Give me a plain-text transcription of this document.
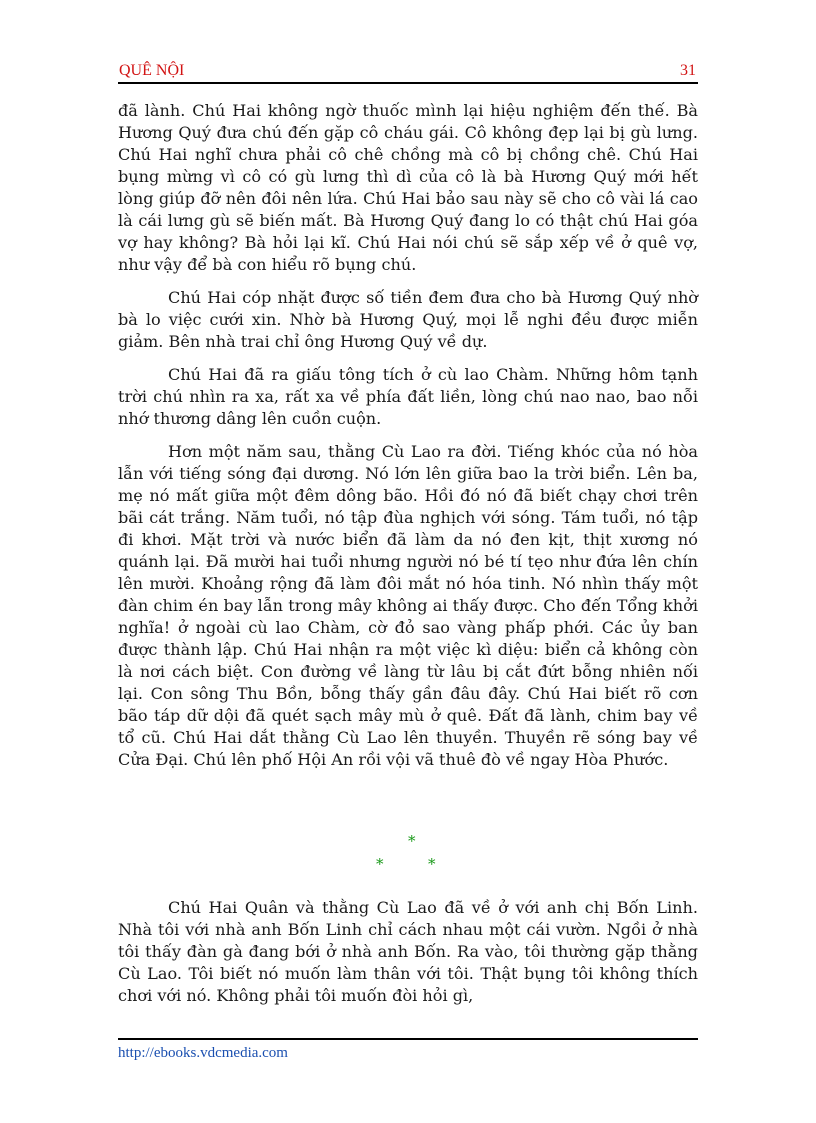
QUÊ NỘI	31

đã lành. Chú Hai không ngờ thuốc mình lại hiệu nghiệm đến thế. Bà Hương Quý đưa chú đến gặp cô cháu gái. Cô không đẹp lại bị gù lưng. Chú Hai nghĩ chưa phải cô chê chồng mà cô bị chồng chê. Chú Hai bụng mừng vì cô có gù lưng thì dì của cô là bà Hương Quý mới hết lòng giúp đỡ nên đôi nên lứa. Chú Hai bảo sau này sẽ cho cô vài lá cao là cái lưng gù sẽ biến mất. Bà Hương Quý đang lo có thật chú Hai góa vợ hay không? Bà hỏi lại kĩ. Chú Hai nói chú sẽ sắp xếp về ở quê vợ, như vậy để bà con hiểu rõ bụng chú.

Chú Hai cóp nhặt được số tiền đem đưa cho bà Hương Quý nhờ bà lo việc cưới xin. Nhờ bà Hương Quý, mọi lễ nghi đều được miễn giảm. Bên nhà trai chỉ ông Hương Quý về dự.

Chú Hai đã ra giấu tông tích ở cù lao Chàm. Những hôm tạnh trời chú nhìn ra xa, rất xa về phía đất liền, lòng chú nao nao, bao nỗi nhớ thương dâng lên cuồn cuộn.

Hơn một năm sau, thằng Cù Lao ra đời. Tiếng khóc của nó hòa lẫn với tiếng sóng đại dương. Nó lớn lên giữa bao la trời biển. Lên ba, mẹ nó mất giữa một đêm dông bão. Hồi đó nó đã biết chạy chơi trên bãi cát trắng. Năm tuổi, nó tập đùa nghịch với sóng. Tám tuổi, nó tập đi khơi. Mặt trời và nước biển đã làm da nó đen kịt, thịt xương nó quánh lại. Đã mười hai tuổi nhưng người nó bé tí tẹo như đứa lên chín lên mười. Khoảng rộng đã làm đôi mắt nó hóa tinh. Nó nhìn thấy một đàn chim én bay lẫn trong mây không ai thấy được. Cho đến Tổng khởi nghĩa! ở ngoài cù lao Chàm, cờ đỏ sao vàng phấp phới. Các ủy ban được thành lập. Chú Hai nhận ra một việc kì diệu: biển cả không còn là nơi cách biệt. Con đường về làng từ lâu bị cắt đứt bỗng nhiên nối lại. Con sông Thu Bồn, bỗng thấy gần đâu đây. Chú Hai biết rõ cơn bão táp dữ dội đã quét sạch mây mù ở quê. Đất đã lành, chim bay về tổ cũ. Chú Hai dắt thằng Cù Lao lên thuyền. Thuyền rẽ sóng bay về Cửa Đại. Chú lên phố Hội An rồi vội vã thuê đò về ngay Hòa Phước.

*
*	*

Chú Hai Quân và thằng Cù Lao đã về ở với anh chị Bốn Linh. Nhà tôi với nhà anh Bốn Linh chỉ cách nhau một cái vườn. Ngồi ở nhà tôi thấy đàn gà đang bới ở nhà anh Bốn. Ra vào, tôi thường gặp thằng Cù Lao. Tôi biết nó muốn làm thân với tôi. Thật bụng tôi không thích chơi với nó. Không phải tôi muốn đòi hỏi gì,

http://ebooks.vdcmedia.com
